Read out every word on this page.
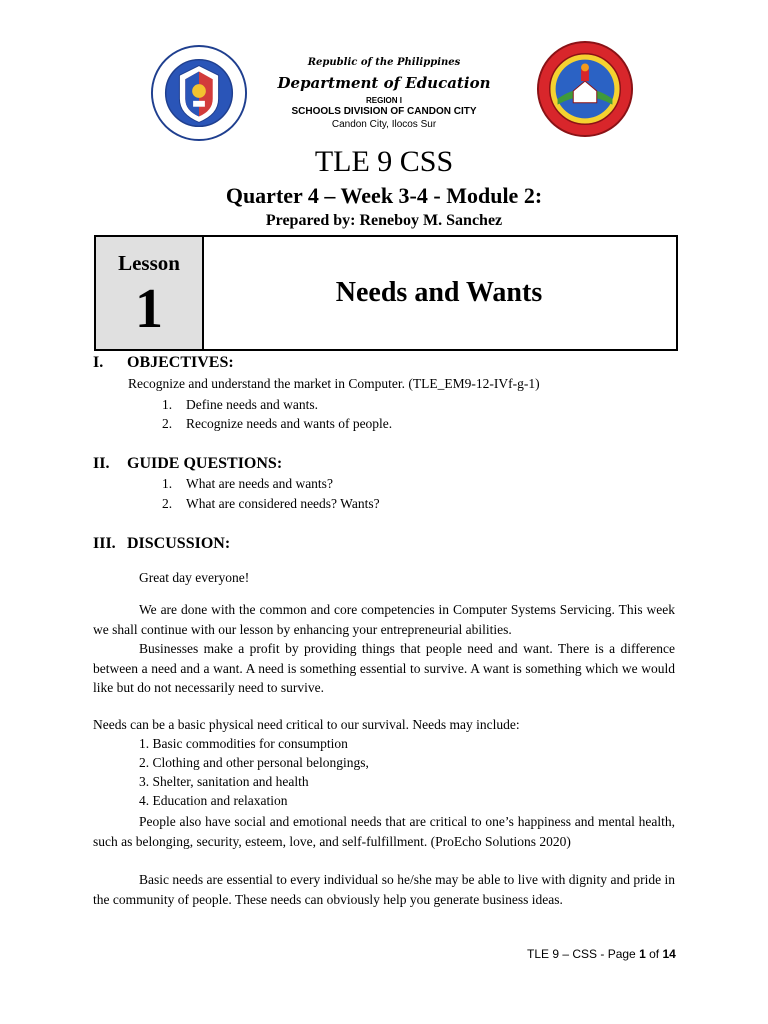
Republic of the Philippines
Department of Education
REGION I
SCHOOLS DIVISION OF CANDON CITY
Candon City, Ilocos Sur
TLE 9 CSS
Quarter 4 – Week 3-4 - Module 2:
Prepared by: Reneboy M. Sanchez
Lesson
1	Needs and Wants
I. OBJECTIVES:
Recognize and understand the market in Computer. (TLE_EM9-12-IVf-g-1)
1. Define needs and wants.
2. Recognize needs and wants of people.
II. GUIDE QUESTIONS:
1. What are needs and wants?
2. What are considered needs? Wants?
III. DISCUSSION:
Great day everyone!
We are done with the common and core competencies in Computer Systems Servicing. This week we shall continue with our lesson by enhancing your entrepreneurial abilities.
Businesses make a profit by providing things that people need and want. There is a difference between a need and a want. A need is something essential to survive. A want is something which we would like but do not necessarily need to survive.
Needs can be a basic physical need critical to our survival. Needs may include:
1. Basic commodities for consumption
2. Clothing and other personal belongings,
3. Shelter, sanitation and health
4. Education and relaxation
People also have social and emotional needs that are critical to one’s happiness and mental health, such as belonging, security, esteem, love, and self-fulfillment. (ProEcho Solutions 2020)
Basic needs are essential to every individual so he/she may be able to live with dignity and pride in the community of people. These needs can obviously help you generate business ideas.
TLE 9 – CSS - Page 1 of 14
